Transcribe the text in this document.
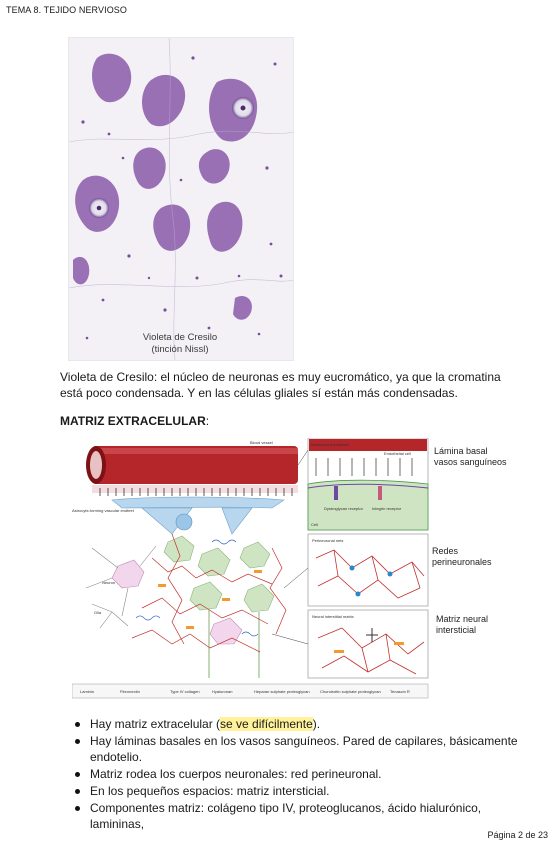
TEMA 8. TEJIDO NERVIOSO
Violeta de Cresilo
(tinción Nissl)
Violeta de Cresilo: el núcleo de neuronas es muy eucromático, ya que la cromatina está poco condensada. Y en las células gliales sí están más condensadas.
MATRIZ EXTRACELULAR:
Blood vessel
Astrocyte-forming vascular endfeet
Neuron
Glia
Basement membrane
Endothelial cell
Cell
Dystroglycan receptor Integrin receptor
Perineuronal nets
Neural interstitial matrix
Laminin	Fibronectin	Type IV collagen	Hyaluronan	Heparan sulphate proteoglycan	Chondroitin sulphate proteoglycan Tenascin R
Lámina basal
vasos sanguíneos
Redes
perineuronales
Matriz neural
intersticial
Hay matriz extracelular (se ve difícilmente).
Hay láminas basales en los vasos sanguíneos. Pared de capilares, básicamente endotelio.
Matriz rodea los cuerpos neuronales: red perineuronal.
En los pequeños espacios: matriz intersticial.
Componentes matriz: colágeno tipo IV, proteoglucanos, ácido hialurónico, lamininas,
Página 2 de 23
